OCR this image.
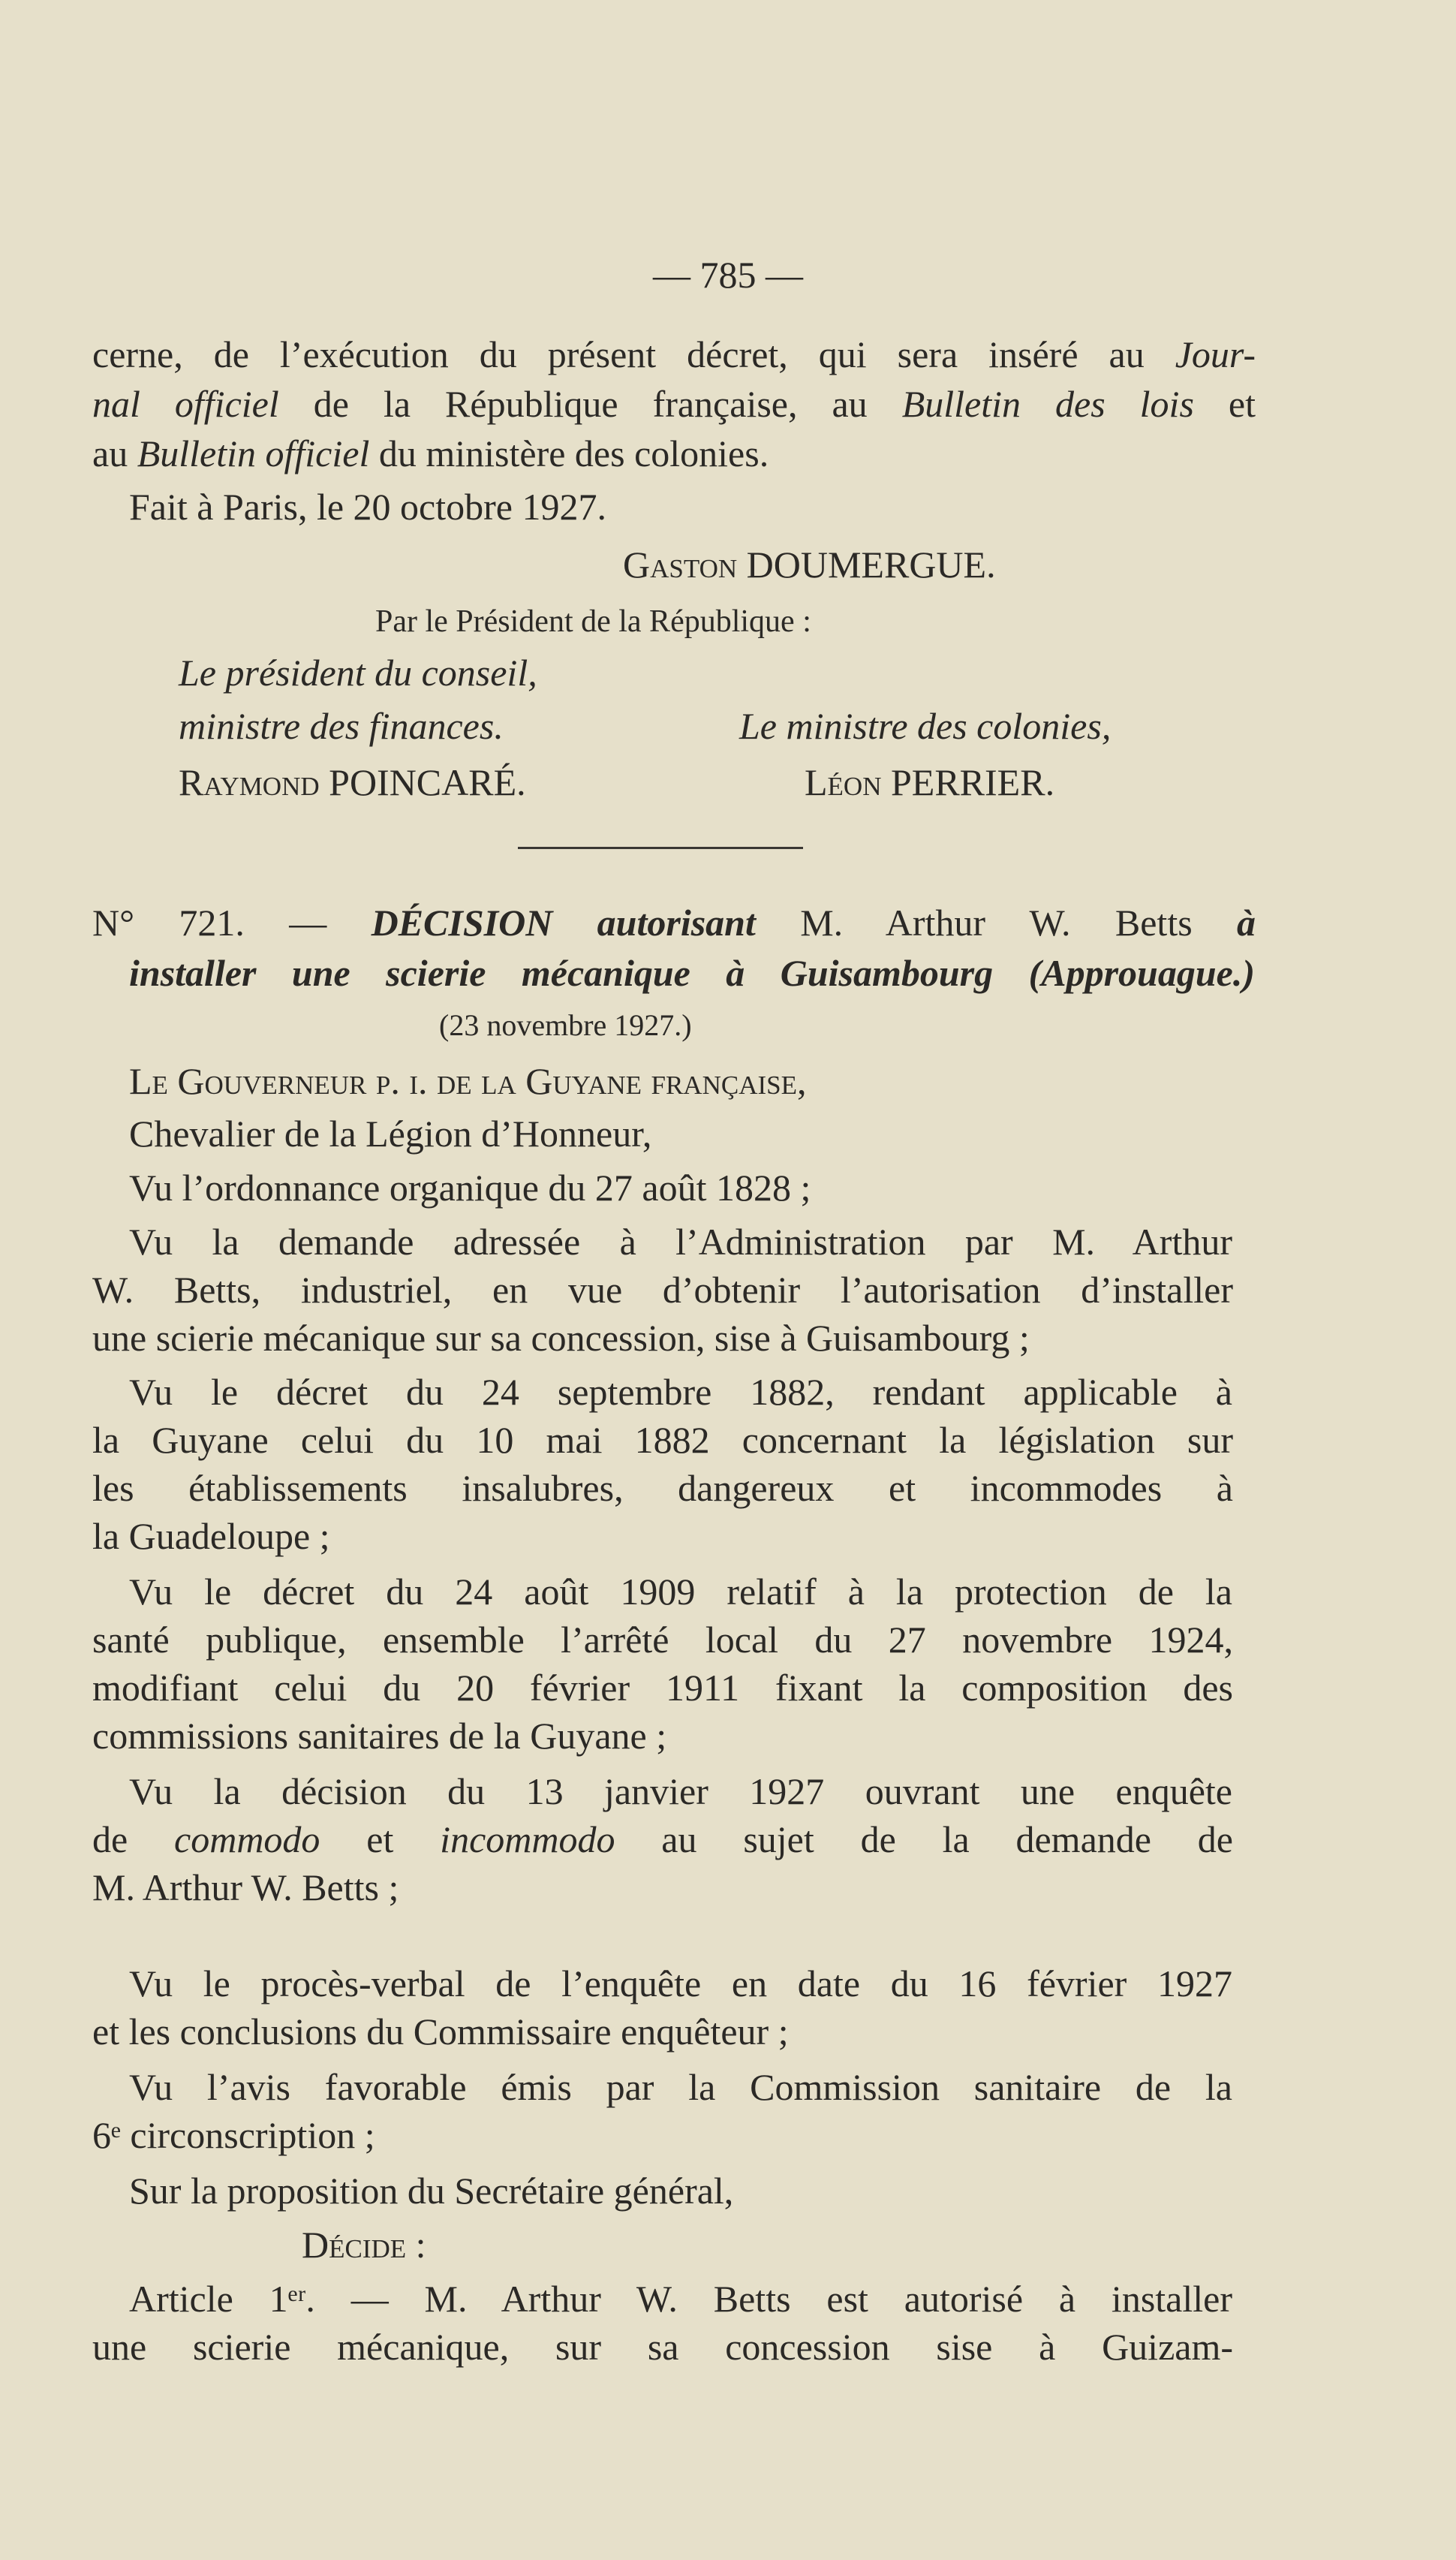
— 785 —
cerne, de l’exécution du présent décret, qui sera inséré au Jour-
nal officiel de la République française, au Bulletin des lois et
au Bulletin officiel du ministère des colonies.
Fait à Paris, le 20 octobre 1927.
Gaston DOUMERGUE.
Par le Président de la République :
Le président du conseil,
ministre des finances.	Le ministre des colonies,
Raymond POINCARÉ.	Léon PERRIER.
N° 721. — DÉCISION autorisant M. Arthur W. Betts à
installer une scierie mécanique à Guisambourg (Approuague.)
(23 novembre 1927.)
Le Gouverneur p. i. de la Guyane française,
Chevalier de la Légion d’Honneur,
Vu l’ordonnance organique du 27 août 1828 ;
Vu la demande adressée à l’Administration par M. Arthur
W. Betts, industriel, en vue d’obtenir l’autorisation d’installer
une scierie mécanique sur sa concession, sise à Guisambourg ;
Vu le décret du 24 septembre 1882, rendant applicable à
la Guyane celui du 10 mai 1882 concernant la législation sur
les établissements insalubres, dangereux et incommodes à
la Guadeloupe ;
Vu le décret du 24 août 1909 relatif à la protection de la
santé publique, ensemble l’arrêté local du 27 novembre 1924,
modifiant celui du 20 février 1911 fixant la composition des
commissions sanitaires de la Guyane ;
Vu la décision du 13 janvier 1927 ouvrant une enquête
de commodo et incommodo au sujet de la demande de
M. Arthur W. Betts ;
Vu le procès-verbal de l’enquête en date du 16 février 1927
et les conclusions du Commissaire enquêteur ;
Vu l’avis favorable émis par la Commission sanitaire de la
6ᵉ circonscription ;
Sur la proposition du Secrétaire général,
Décide :
Article 1ᵉʳ. — M. Arthur W. Betts est autorisé à installer
une scierie mécanique, sur sa concession sise à Guizam-
